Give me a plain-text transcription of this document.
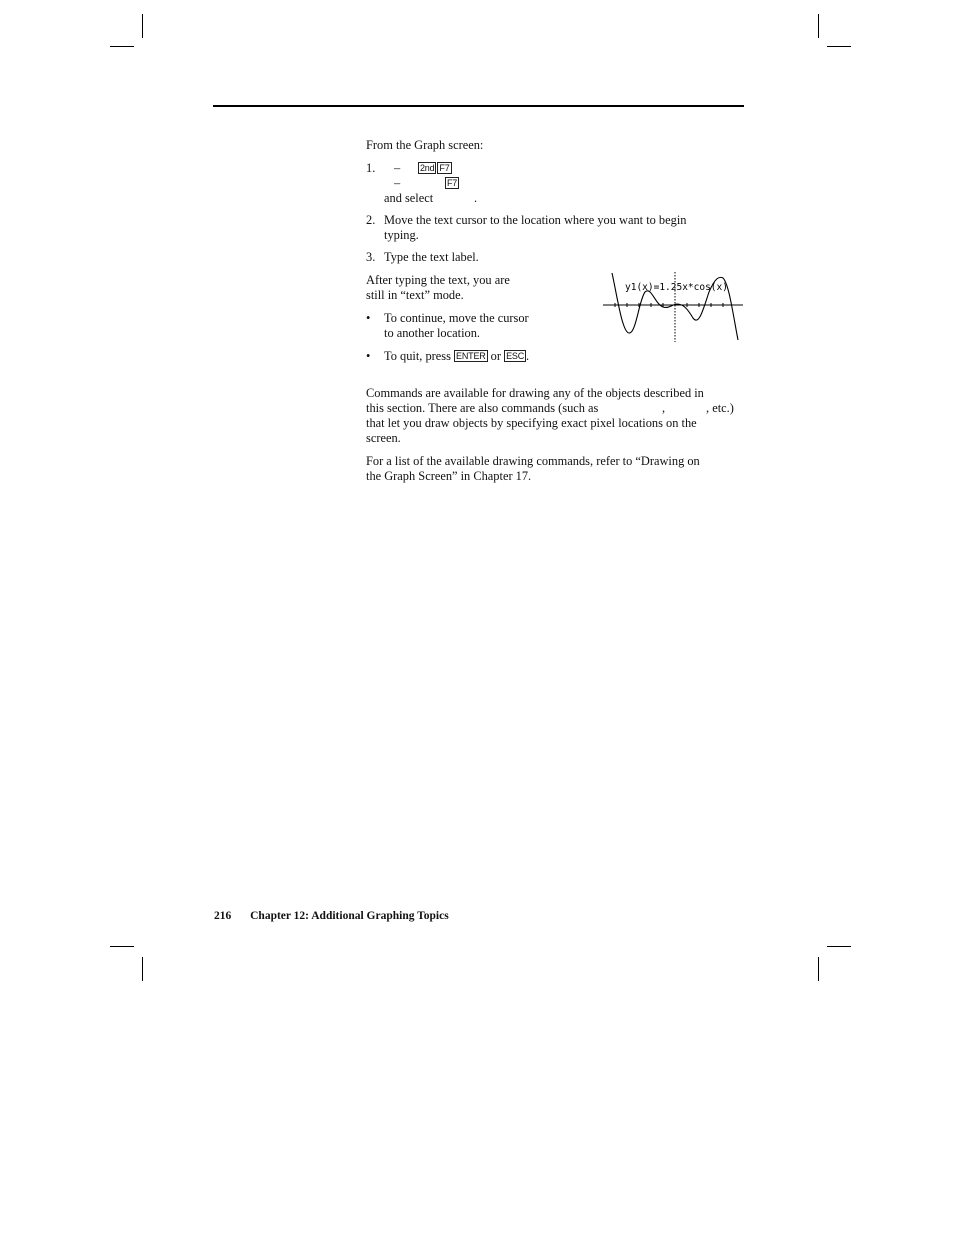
From the Graph screen:
1. – 2nd F7
–	F7
and select	.
2. Move the text cursor to the location where you want to begin
typing.
3. Type the text label.
After typing the text, you are
still in “text” mode.
• To continue, move the cursor
to another location.
• To quit, press ENTER or ESC .
y1(x)=1.25x*cos(x)
Commands are available for drawing any of the objects described in
this section. There are also commands (such as	,	, etc.)
that let you draw objects by specifying exact pixel locations on the
screen.
For a list of the available drawing commands, refer to “Drawing on
the Graph Screen” in Chapter 17.
216 Chapter 12: Additional Graphing Topics
